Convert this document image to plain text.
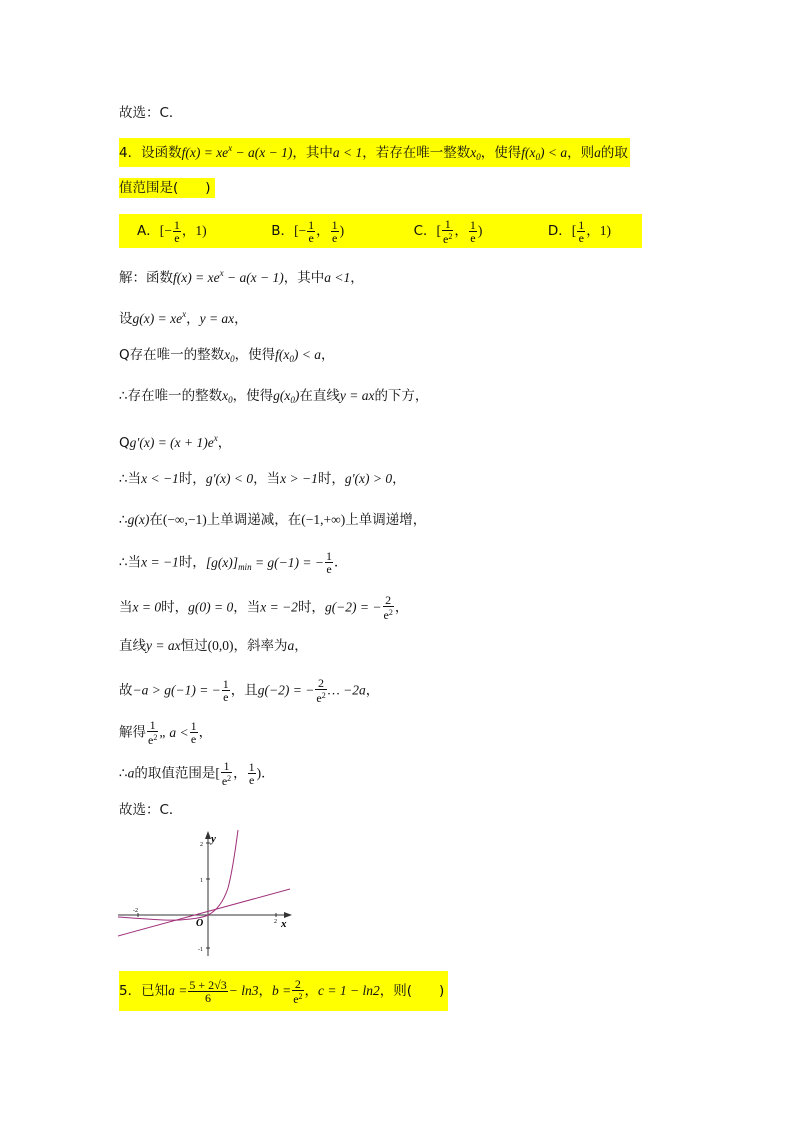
故选：C．
4．设函数$f(x) = xe^x - a(x - 1)$，其中a < 1，若存在唯一整数$x_0$，使得$f(x_0) < a$，则a的取
值范围是(　　)
A．[− $\frac{1}{e}$ ，1)	B．[− $\frac{1}{e}$ ， $\frac{1}{e}$ )	C．[ $\frac{1}{e^2}$ ， $\frac{1}{e}$ )	D．[ $\frac{1}{e}$ ，1)
解：函数$f(x) = xe^x - a(x - 1)$，其中a <1，
设$g(x) = xe^x$，y = ax，
Q存在唯一的整数$x_0$，使得$f(x_0) < a$，
∴存在唯一的整数$x_0$，使得$g(x_0)$在直线y = ax的下方，
$Qg'(x) = (x + 1)e^x$，
∴当x < −1时，g′(x) < 0，当x > −1时，g′(x) > 0，
∴g(x)在(−∞,−1)上单调递减，在(−1,+∞)上单调递增，
∴当x = −1时，$[g(x)]_{min} = g(-1)$ = − $\frac{1}{e}$ ．
当x = 0时，g(0) = 0，当x = −2时，g(−2) = − $\frac{2}{e^2}$ ，
直线y = ax恒过(0,0)，斜率为a，
故−a > g(−1) = − $\frac{1}{e}$ ，且g(−2) = − $\frac{2}{e^2}$ … −2a，
解得 $\frac{1}{e^2}$ „ $a < \frac{1}{e}$ ，
∴a的取值范围是[ $\frac{1}{e^2}$ ， $\frac{1}{e}$ )．
故选：C．
2
1
-1
-2
2
y
x
O
5．已知$a = \frac{5 + 2√3}{6} - \ln 3$，$b = \frac{2}{e^2}$ ，c = 1 − ln2，则(　　)
